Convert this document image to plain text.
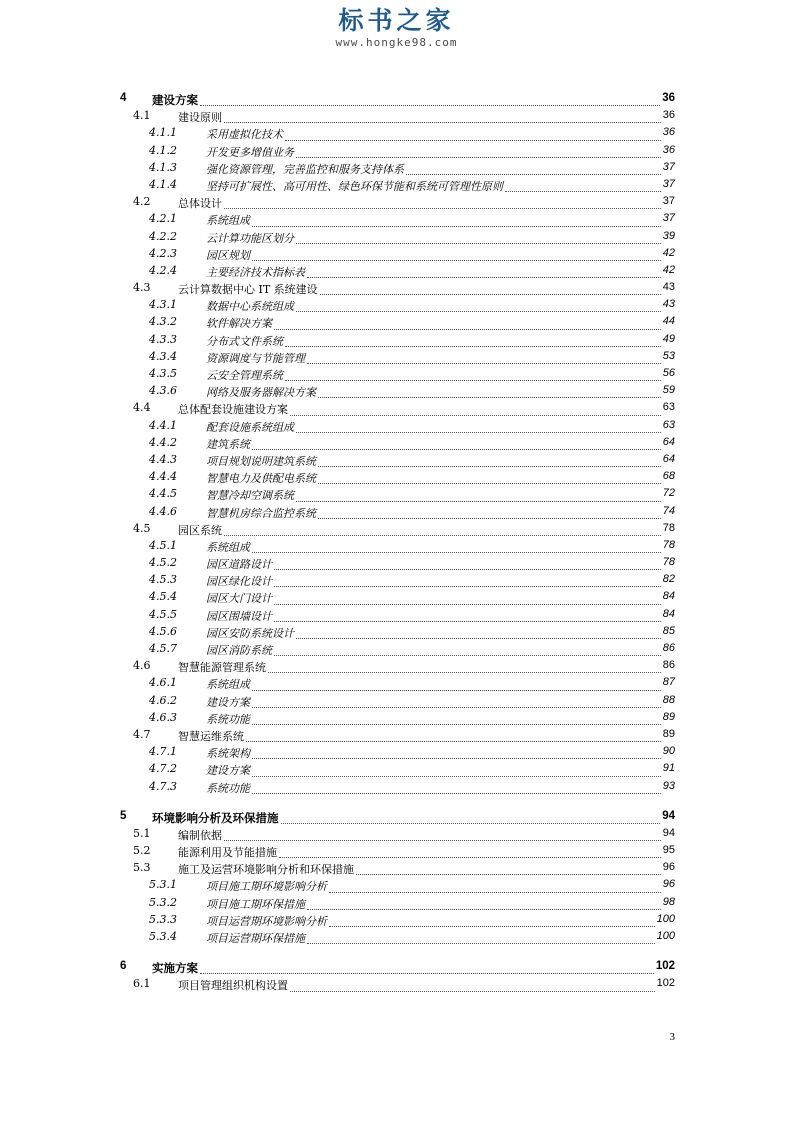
标书之家
www.hongke98.com
4 建设方案	36
4.1	建设原则	36
4.1.1	采用虚拟化技术	36
4.1.2	开发更多增值业务	36
4.1.3	强化资源管理，完善监控和服务支持体系	37
4.1.4	坚持可扩展性、高可用性、绿色环保节能和系统可管理性原则	37
4.2	总体设计	37
4.2.1	系统组成	37
4.2.2	云计算功能区划分	39
4.2.3	园区规划	42
4.2.4	主要经济技术指标表	42
4.3	云计算数据中心 IT 系统建设	43
4.3.1	数据中心系统组成	43
4.3.2	软件解决方案	44
4.3.3	分布式文件系统	49
4.3.4	资源调度与节能管理	53
4.3.5	云安全管理系统	56
4.3.6	网络及服务器解决方案	59
4.4	总体配套设施建设方案	63
4.4.1	配套设施系统组成	63
4.4.2	建筑系统	64
4.4.3	项目规划说明建筑系统	64
4.4.4	智慧电力及供配电系统	68
4.4.5	智慧冷却空调系统	72
4.4.6	智慧机房综合监控系统	74
4.5	园区系统	78
4.5.1	系统组成	78
4.5.2	园区道路设计	78
4.5.3	园区绿化设计	82
4.5.4	园区大门设计	84
4.5.5	园区围墙设计	84
4.5.6	园区安防系统设计	85
4.5.7	园区消防系统	86
4.6	智慧能源管理系统	86
4.6.1	系统组成	87
4.6.2	建设方案	88
4.6.3	系统功能	89
4.7	智慧运维系统	89
4.7.1	系统架构	90
4.7.2	建设方案	91
4.7.3	系统功能	93
5 环境影响分析及环保措施	94
5.1	编制依据	94
5.2	能源利用及节能措施	95
5.3	施工及运营环境影响分析和环保措施	96
5.3.1	项目施工期环境影响分析	96
5.3.2	项目施工期环保措施	98
5.3.3	项目运营期环境影响分析	100
5.3.4	项目运营期环保措施	100
6 实施方案	102
6.1	项目管理组织机构设置	102
3
